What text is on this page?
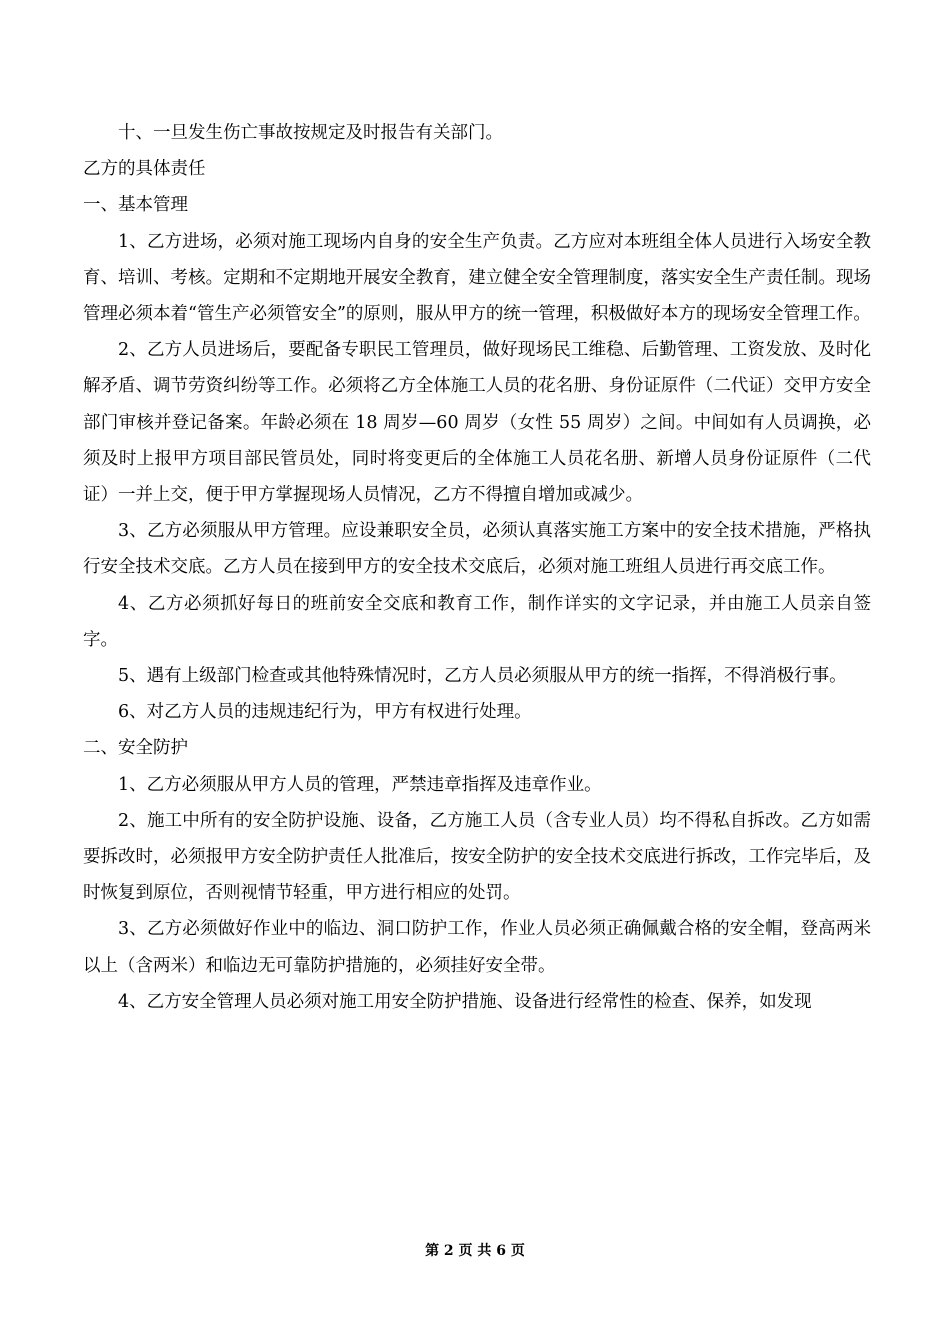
十、一旦发生伤亡事故按规定及时报告有关部门。

乙方的具体责任

一、基本管理

1、乙方进场，必须对施工现场内自身的安全生产负责。乙方应对本班组全体人员进行入场安全教育、培训、考核。定期和不定期地开展安全教育，建立健全安全管理制度，落实安全生产责任制。现场管理必须本着“管生产必须管安全”的原则，服从甲方的统一管理，积极做好本方的现场安全管理工作。

2、乙方人员进场后，要配备专职民工管理员，做好现场民工维稳、后勤管理、工资发放、及时化解矛盾、调节劳资纠纷等工作。必须将乙方全体施工人员的花名册、身份证原件（二代证）交甲方安全部门审核并登记备案。年龄必须在 18 周岁—60 周岁（女性 55 周岁）之间。中间如有人员调换，必须及时上报甲方项目部民管员处，同时将变更后的全体施工人员花名册、新增人员身份证原件（二代证）一并上交，便于甲方掌握现场人员情况，乙方不得擅自增加或减少。

3、乙方必须服从甲方管理。应设兼职安全员，必须认真落实施工方案中的安全技术措施，严格执行安全技术交底。乙方人员在接到甲方的安全技术交底后，必须对施工班组人员进行再交底工作。

4、乙方必须抓好每日的班前安全交底和教育工作，制作详实的文字记录，并由施工人员亲自签字。

5、遇有上级部门检查或其他特殊情况时，乙方人员必须服从甲方的统一指挥，不得消极行事。

6、对乙方人员的违规违纪行为，甲方有权进行处理。

二、安全防护

1、乙方必须服从甲方人员的管理，严禁违章指挥及违章作业。

2、施工中所有的安全防护设施、设备，乙方施工人员（含专业人员）均不得私自拆改。乙方如需要拆改时，必须报甲方安全防护责任人批准后，按安全防护的安全技术交底进行拆改，工作完毕后，及时恢复到原位，否则视情节轻重，甲方进行相应的处罚。

3、乙方必须做好作业中的临边、洞口防护工作，作业人员必须正确佩戴合格的安全帽，登高两米以上（含两米）和临边无可靠防护措施的，必须挂好安全带。

4、乙方安全管理人员必须对施工用安全防护措施、设备进行经常性的检查、保养，如发现

第 2 页 共 6 页
